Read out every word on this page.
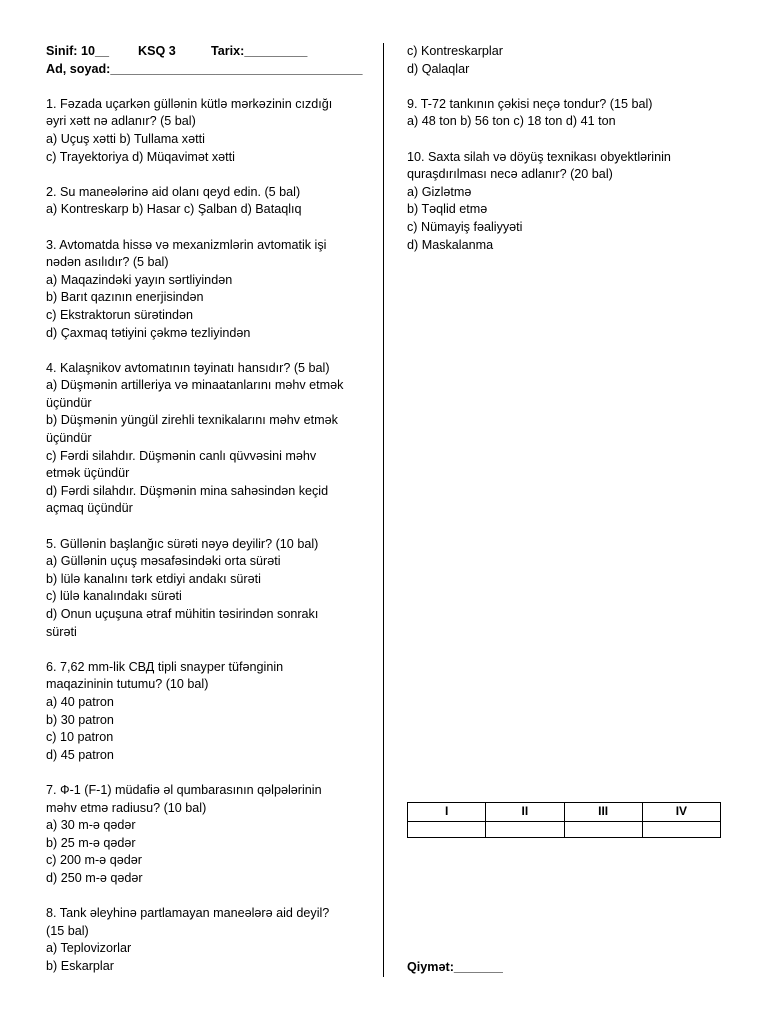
Sinif: 10__ KSQ 3	Tarix:_________
Ad, soyad:____________________________________
1. Fəzada uçarkən güllənin kütlə mərkəzinin cızdığı
əyri xətt nə adlanır? (5 bal)
a) Uçuş xətti b) Tullama xətti
c) Trayektoriya d) Müqavimət xətti
2. Su maneələrinə aid olanı qeyd edin. (5 bal)
a) Kontreskarp b) Hasar c) Şalban d) Bataqlıq
3. Avtomatda hissə və mexanizmlərin avtomatik işi
nədən asılıdır? (5 bal)
a) Maqazindəki yayın sərtliyindən
b) Barıt qazının enerjisindən
c) Ekstraktorun sürətindən
d) Çaxmaq tətiyini çəkmə tezliyindən
4. Kalaşnikov avtomatının təyinatı hansıdır? (5 bal)
a) Düşmənin artilleriya və minaatanlarını məhv etmək
üçündür
b) Düşmənin yüngül zirehli texnikalarını məhv etmək
üçündür
c) Fərdi silahdır. Düşmənin canlı qüvvəsini məhv
etmək üçündür
d) Fərdi silahdır. Düşmənin mina sahəsindən keçid
açmaq üçündür
5. Güllənin başlanğıc sürəti nəyə deyilir? (10 bal)
a) Güllənin uçuş məsafəsindəki orta sürəti
b) lülə kanalını tərk etdiyi andakı sürəti
c) lülə kanalındakı sürəti
d) Onun uçuşuna ətraf mühitin təsirindən sonrakı
sürəti
6. 7,62 mm-lik СВД tipli snayper tüfənginin
maqazininin tutumu? (10 bal)
a) 40 patron
b) 30 patron
c) 10 patron
d) 45 patron
7. Ф-1 (F-1) müdafiə əl qumbarasının qəlpələrinin
məhv etmə radiusu? (10 bal)
a) 30 m-ə qədər
b) 25 m-ə qədər
c) 200 m-ə qədər
d) 250 m-ə qədər
8. Tank əleyhinə partlamayan maneələrə aid deyil?
(15 bal)
a) Teplovizorlar
b) Eskarplar
c) Kontreskarplar
d) Qalaqlar
9. T-72 tankının çəkisi neçə tondur? (15 bal)
a) 48 ton b) 56 ton c) 18 ton d) 41 ton
10. Saxta silah və döyüş texnikası obyektlərinin
quraşdırılması necə adlanır? (20 bal)
a) Gizlətmə
b) Təqlid etmə
c) Nümayiş fəaliyyəti
d) Maskalanma
I	II	III	IV

Qiymət:_______
